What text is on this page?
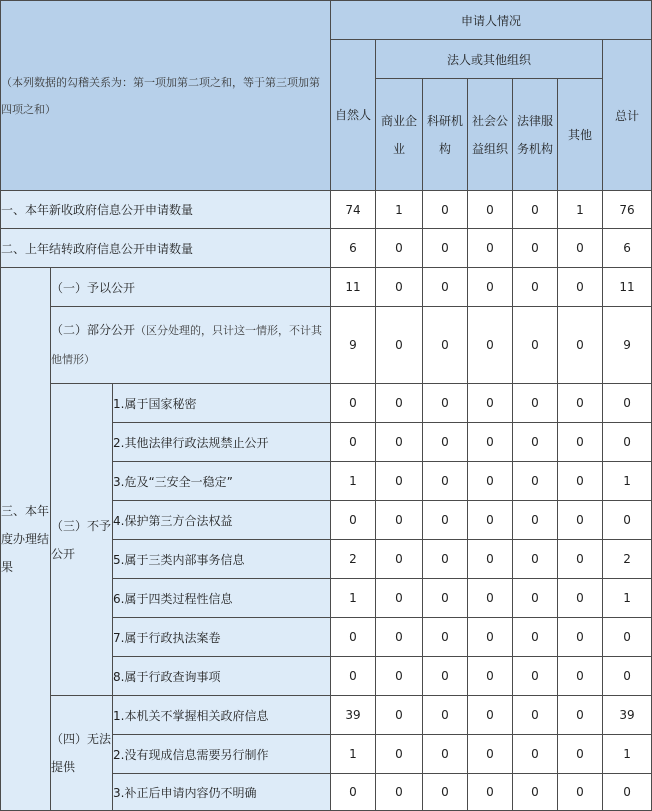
（本列数据的勾稽关系为：第一项加第二项之和，等于第三项加第四项之和）			申请人情况						
			自然人	法人或其他组织					总计
				商业企业	科研机构	社会公益组织	法律服务机构	其他	
一、本年新收政府信息公开申请数量			74	1	0	0	0	1	76
二、上年结转政府信息公开申请数量			6	0	0	0	0	0	6
三、本年度办理结果	（一）予以公开		11	0	0	0	0	0	11
	（二）部分公开（区分处理的，只计这一情形，不计其他情形）		9	0	0	0	0	0	9
	（三）不予公开	1.属于国家秘密	0	0	0	0	0	0	0
		2.其他法律行政法规禁止公开	0	0	0	0	0	0	0
		3.危及“三安全一稳定”	1	0	0	0	0	0	1
		4.保护第三方合法权益	0	0	0	0	0	0	0
		5.属于三类内部事务信息	2	0	0	0	0	0	2
		6.属于四类过程性信息	1	0	0	0	0	0	1
		7.属于行政执法案卷	0	0	0	0	0	0	0
		8.属于行政查询事项	0	0	0	0	0	0	0
	（四）无法提供	1.本机关不掌握相关政府信息	39	0	0	0	0	0	39
		2.没有现成信息需要另行制作	1	0	0	0	0	0	1
		3.补正后申请内容仍不明确	0	0	0	0	0	0	0
